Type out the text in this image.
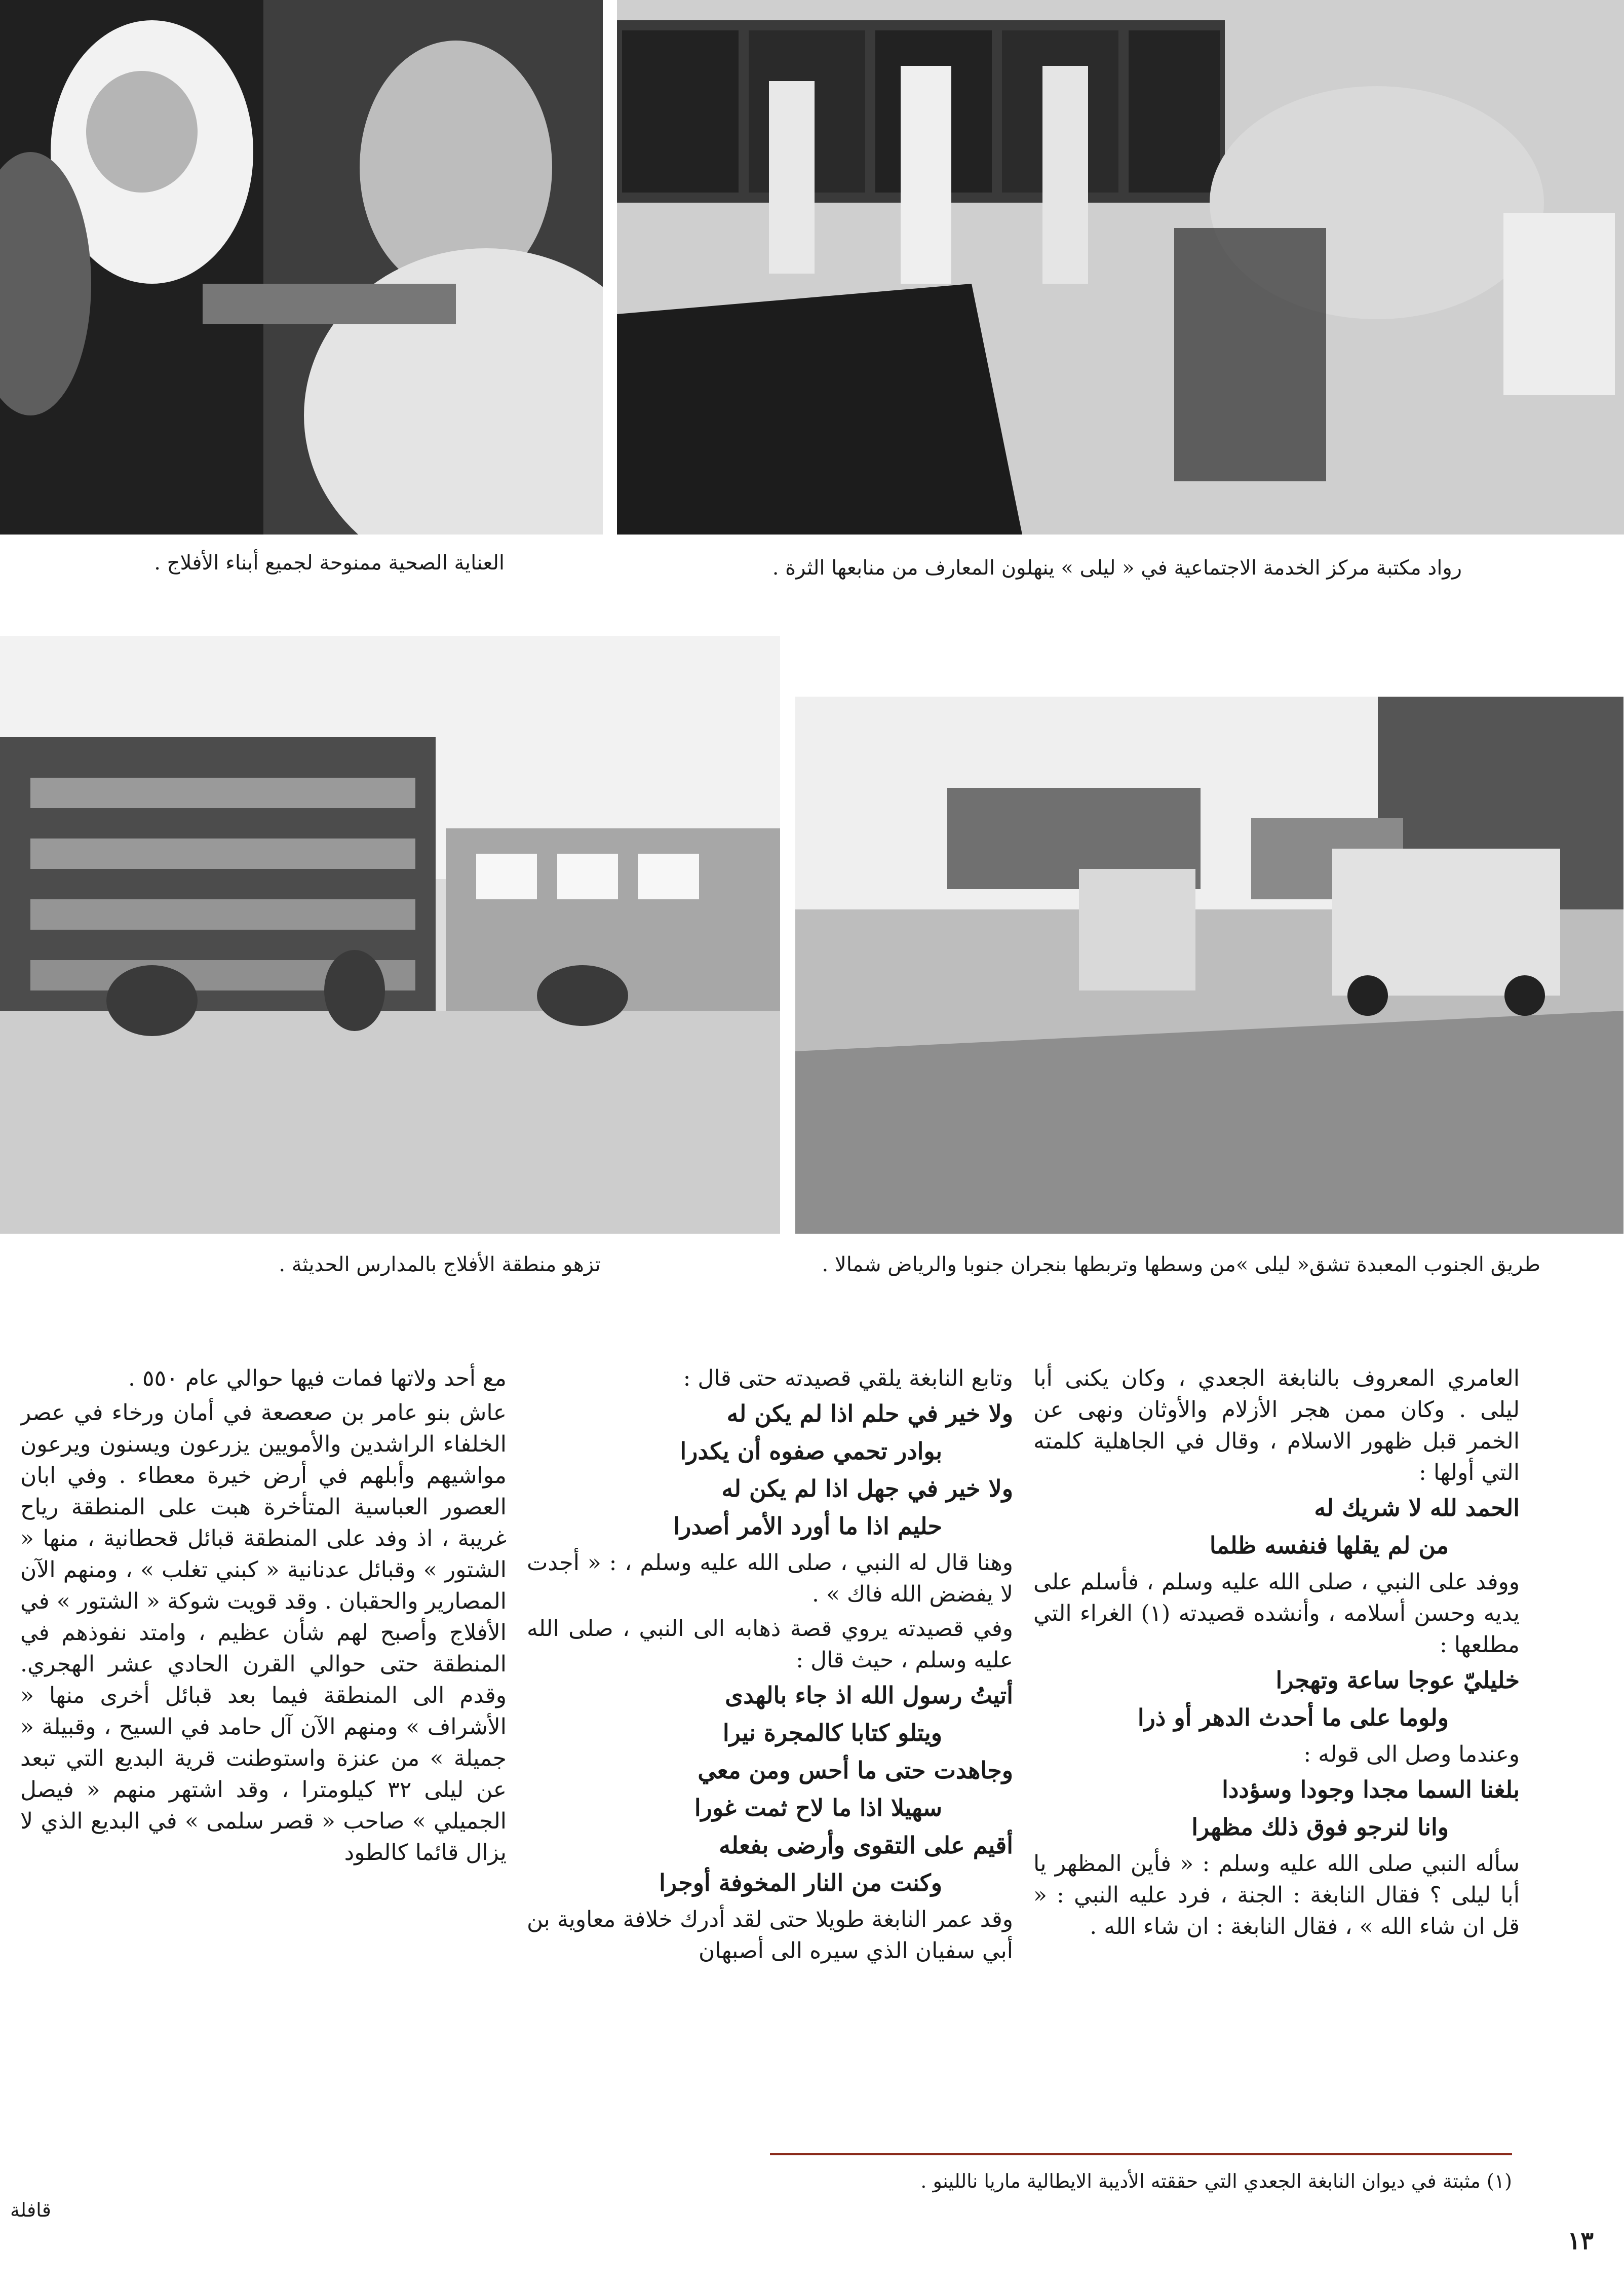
العناية الصحية ممنوحة لجميع أبناء الأفلاج .	رواد مكتبة مركز الخدمة الاجتماعية في « ليلى » ينهلون المعارف من منابعها الثرة .
تزهو منطقة الأفلاج بالمدارس الحديثة .	طريق الجنوب المعبدة تشق« ليلى »من وسطها وتربطها بنجران جنوبا والرياض شمالا .

العامري المعروف بالنابغة الجعدي ، وكان يكنى أبا ليلى . وكان ممن هجر الأزلام والأوثان ونهى عن الخمر قبل ظهور الاسلام ، وقال في الجاهلية كلمته التي أولها :

الحمد لله لا شريك له

من لم يقلها فنفسه ظلما

ووفد على النبي ، صلى الله عليه وسلم ، فأسلم على يديه وحسن أسلامه ، وأنشده قصيدته (١) الغراء التي مطلعها :

خليليّ عوجا ساعة وتهجرا

ولوما على ما أحدث الدهر أو ذرا

وعندما وصل الى قوله :

بلغنا السما مجدا وجودا وسؤددا

وانا لنرجو فوق ذلك مظهرا

سأله النبي صلى الله عليه وسلم : « فأين المظهر يا أبا ليلى ؟ فقال النابغة : الجنة ، فرد عليه النبي : « قل ان شاء الله » ، فقال النابغة : ان شاء الله .

وتابع النابغة يلقي قصيدته حتى قال :

ولا خير في حلم اذا لم يكن له

بوادر تحمي صفوه أن يكدرا

ولا خير في جهل اذا لم يكن له

حليم اذا ما أورد الأمر أصدرا

وهنا قال له النبي ، صلى الله عليه وسلم ، : « أجدت لا يفضض الله فاك » .

وفي قصيدته يروي قصة ذهابه الى النبي ، صلى الله عليه وسلم ، حيث قال :

أتيتُ رسول الله اذ جاء بالهدى

ويتلو كتابا كالمجرة نيرا

وجاهدت حتى ما أحس ومن معي

سهيلا اذا ما لاح ثمت غورا

أقيم على التقوى وأرضى بفعله

وكنت من النار المخوفة أوجرا

وقد عمر النابغة طويلا حتى لقد أدرك خلافة معاوية بن أبي سفيان الذي سيره الى أصبهان

مع أحد ولاتها فمات فيها حوالي عام ٥٥٠ .

عاش بنو عامر بن صعصعة في أمان ورخاء في عصر الخلفاء الراشدين والأمويين يزرعون ويسنون ويرعون مواشيهم وأبلهم في أرض خيرة معطاء . وفي ابان العصور العباسية المتأخرة هبت على المنطقة رياح غريبة ، اذ وفد على المنطقة قبائل قحطانية ، منها « الشتور » وقبائل عدنانية « كبني تغلب » ، ومنهم الآن المصارير والحقبان . وقد قويت شوكة « الشتور » في الأفلاج وأصبح لهم شأن عظيم ، وامتد نفوذهم في المنطقة حتى حوالي القرن الحادي عشر الهجري. وقدم الى المنطقة فيما بعد قبائل أخرى منها « الأشراف » ومنهم الآن آل حامد في السيح ، وقبيلة « جميلة » من عنزة واستوطنت قرية البديع التي تبعد عن ليلى ٣٢ كيلومترا ، وقد اشتهر منهم « فيصل الجميلي » صاحب « قصر سلمى » في البديع الذي لا يزال قائما كالطود

(١) مثبتة في ديوان النابغة الجعدي التي حققته الأديبة الايطالية ماريا ناللينو .
١٣
قافلة
